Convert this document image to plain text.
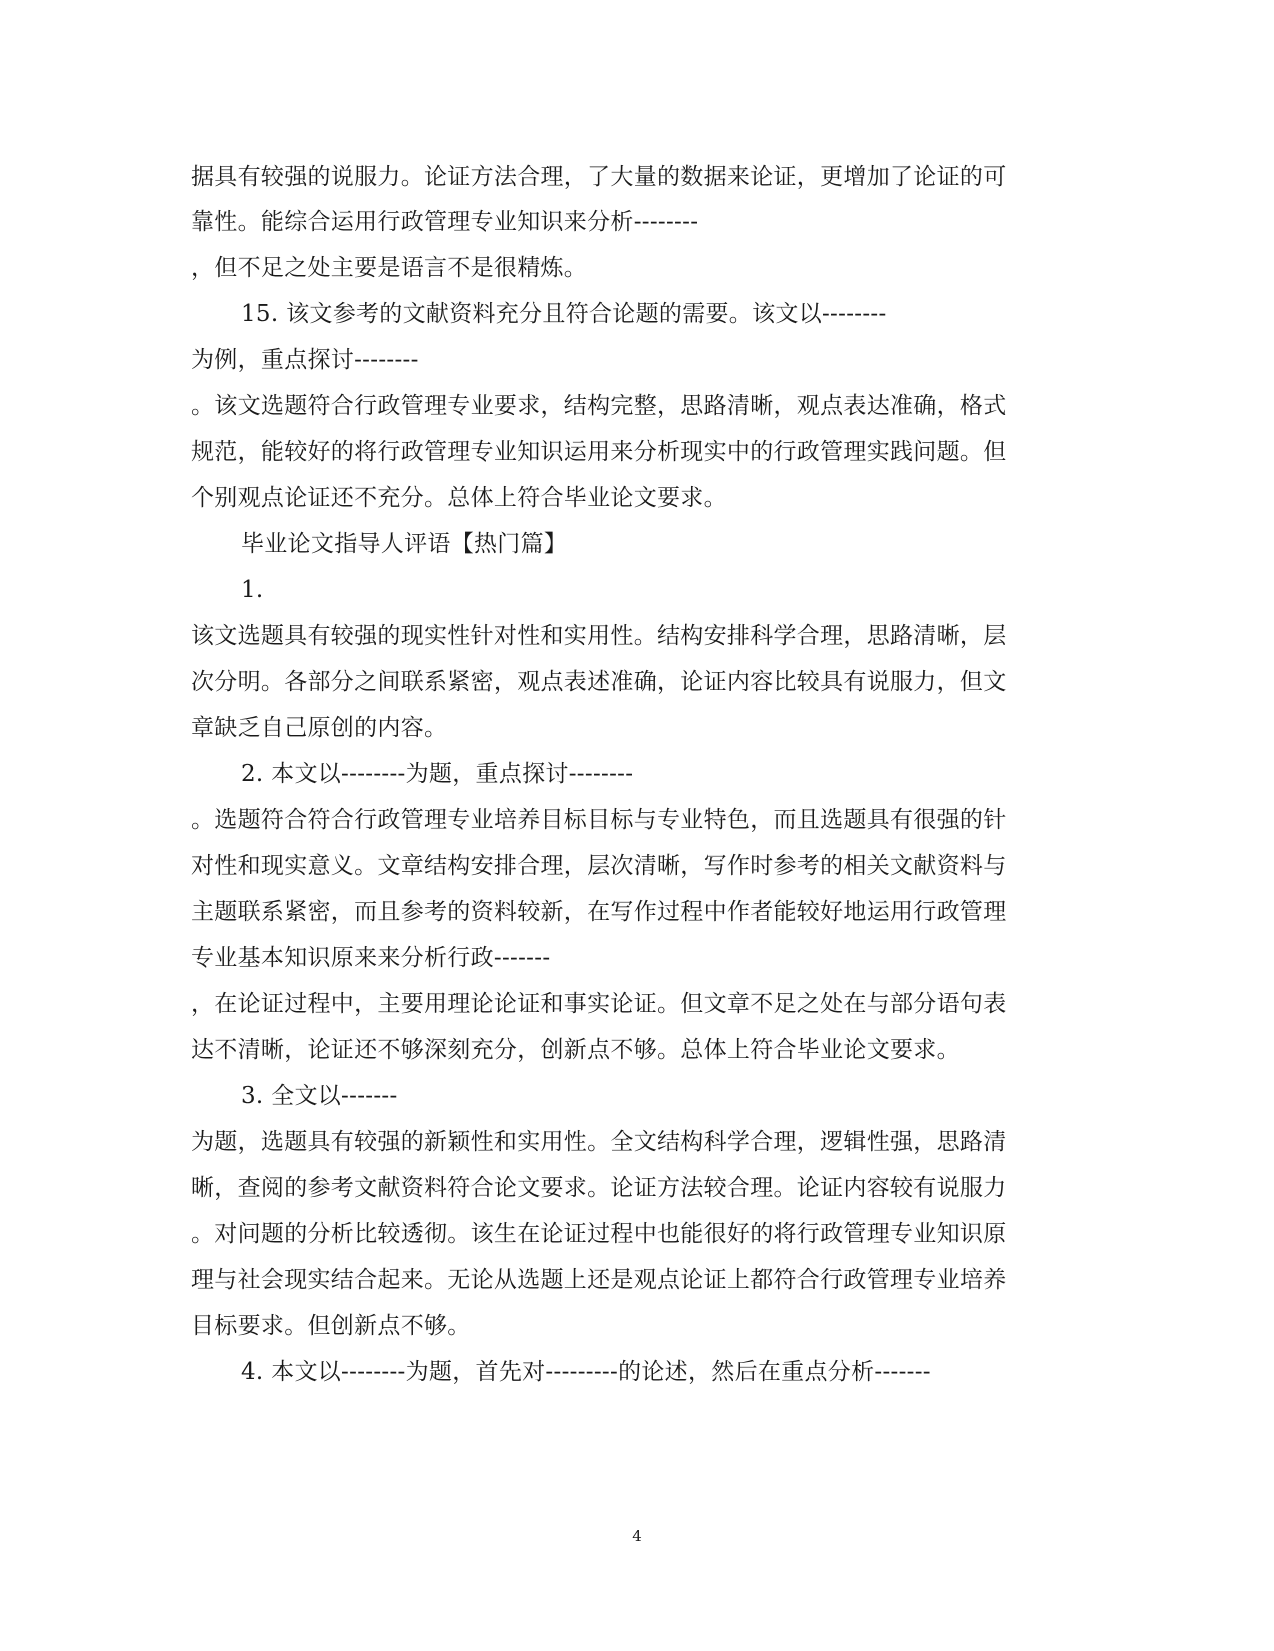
据具有较强的说服力。论证方法合理，了大量的数据来论证，更增加了论证的可
靠性。能综合运用行政管理专业知识来分析--------
，但不足之处主要是语言不是很精炼。
15. 该文参考的文献资料充分且符合论题的需要。该文以--------
为例，重点探讨--------
。该文选题符合行政管理专业要求，结构完整，思路清晰，观点表达准确，格式
规范，能较好的将行政管理专业知识运用来分析现实中的行政管理实践问题。但
个别观点论证还不充分。总体上符合毕业论文要求。
毕业论文指导人评语【热门篇】
1.
该文选题具有较强的现实性针对性和实用性。结构安排科学合理，思路清晰，层
次分明。各部分之间联系紧密，观点表述准确，论证内容比较具有说服力，但文
章缺乏自己原创的内容。
2. 本文以--------为题，重点探讨--------
。选题符合符合行政管理专业培养目标目标与专业特色，而且选题具有很强的针
对性和现实意义。文章结构安排合理，层次清晰，写作时参考的相关文献资料与
主题联系紧密，而且参考的资料较新，在写作过程中作者能较好地运用行政管理
专业基本知识原来来分析行政-------
，在论证过程中，主要用理论论证和事实论证。但文章不足之处在与部分语句表
达不清晰，论证还不够深刻充分，创新点不够。总体上符合毕业论文要求。
3. 全文以-------
为题，选题具有较强的新颖性和实用性。全文结构科学合理，逻辑性强，思路清
晰，查阅的参考文献资料符合论文要求。论证方法较合理。论证内容较有说服力
。对问题的分析比较透彻。该生在论证过程中也能很好的将行政管理专业知识原
理与社会现实结合起来。无论从选题上还是观点论证上都符合行政管理专业培养
目标要求。但创新点不够。
4. 本文以--------为题，首先对---------的论述，然后在重点分析-------
4
